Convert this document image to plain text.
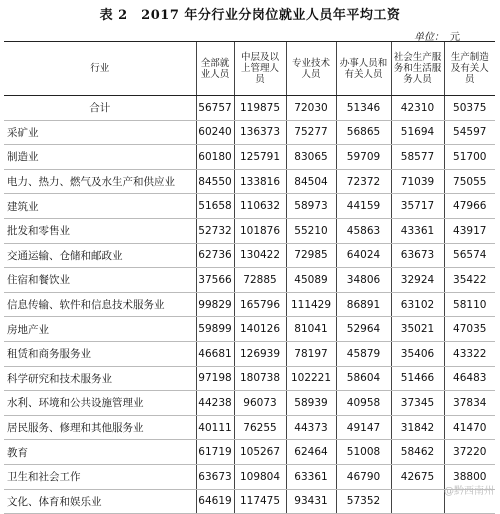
表 2　2017 年分行业分岗位就业人员年平均工资
单位： 元
行业	全部就业人员	中层及以上管理人员	专业技术人员	办事人员和有关人员	社会生产服务和生活服务人员	生产制造及有关人员
合计	56757	119875	72030	51346	42310	50375
采矿业	60240	136373	75277	56865	51694	54597
制造业	60180	125791	83065	59709	58577	51700
电力、热力、燃气及水生产和供应业	84550	133816	84504	72372	71039	75055
建筑业	51658	110632	58973	44159	35717	47966
批发和零售业	52732	101876	55210	45863	43361	43917
交通运输、仓储和邮政业	62736	130422	72985	64024	63673	56574
住宿和餐饮业	37566	72885	45089	34806	32924	35422
信息传输、软件和信息技术服务业	99829	165796	111429	86891	63102	58110
房地产业	59899	140126	81041	52964	35021	47035
租赁和商务服务业	46681	126939	78197	45879	35406	43322
科学研究和技术服务业	97198	180738	102221	58604	51466	46483
水利、环境和公共设施管理业	44238	96073	58939	40958	37345	37834
居民服务、修理和其他服务业	40111	76255	44373	49147	31842	41470
教育	61719	105267	62464	51008	58462	37220
卫生和社会工作	63673	109804	63361	46790	42675	38800
文化、体育和娱乐业	64619	117475	93431	57352		
@黔西南州
